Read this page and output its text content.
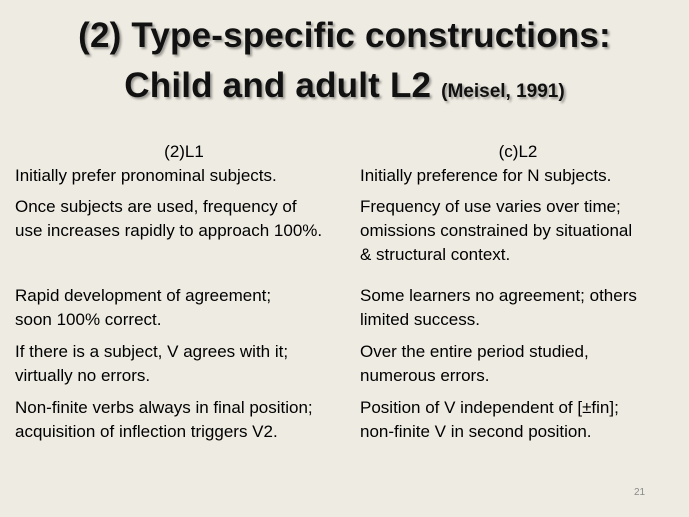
(2) Type-specific constructions:
Child and adult L2 (Meisel, 1991)
(2)L1	(c)L2
Initially prefer pronominal subjects.	Initially preference for N subjects.
Once subjects are used, frequency of
use increases rapidly to approach 100%.
Frequency of use varies over time;
omissions constrained by situational
& structural context.
Rapid development of agreement;
soon 100% correct.
Some learners no agreement; others
limited success.
If there is a subject, V agrees with it;
virtually no errors.
Over the entire period studied,
numerous errors.
Non-finite verbs always in final position;
acquisition of inflection triggers V2.
Position of V independent of [±fin];
non-finite V in second position.
21
